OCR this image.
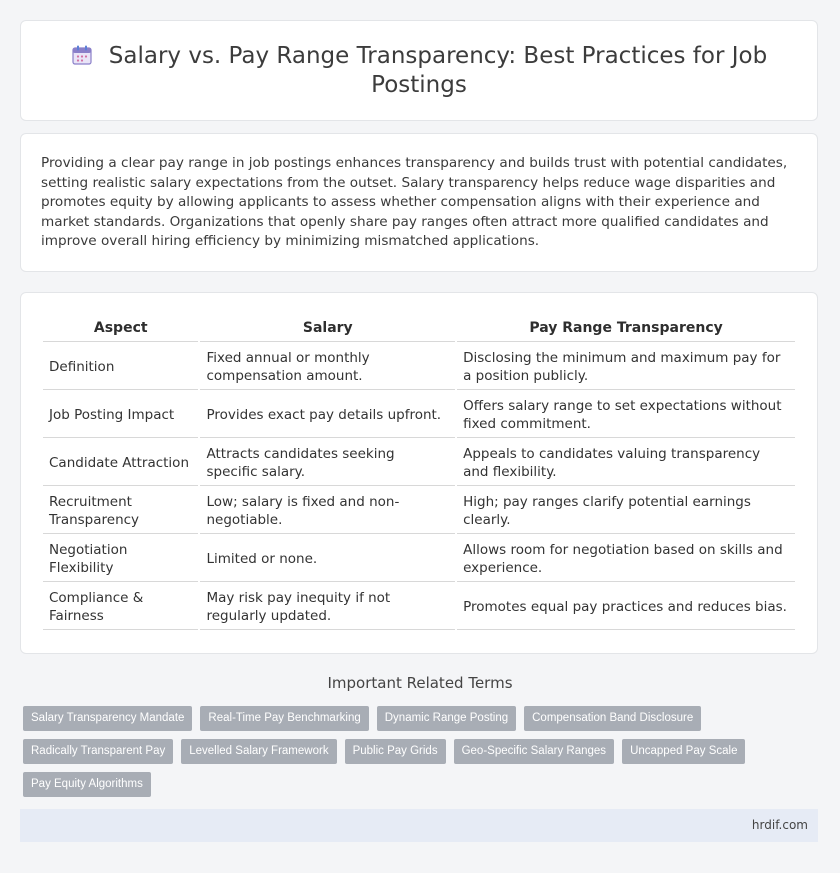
Salary vs. Pay Range Transparency: Best Practices for Job Postings

Providing a clear pay range in job postings enhances transparency and builds trust with potential candidates, setting realistic salary expectations from the outset. Salary transparency helps reduce wage disparities and promotes equity by allowing applicants to assess whether compensation aligns with their experience and market standards. Organizations that openly share pay ranges often attract more qualified candidates and improve overall hiring efficiency by minimizing mismatched applications.

Aspect	Salary	Pay Range Transparency
Definition	Fixed annual or monthly compensation amount.	Disclosing the minimum and maximum pay for a position publicly.
Job Posting Impact	Provides exact pay details upfront.	Offers salary range to set expectations without fixed commitment.
Candidate Attraction	Attracts candidates seeking specific salary.	Appeals to candidates valuing transparency and flexibility.
Recruitment Transparency	Low; salary is fixed and non-negotiable.	High; pay ranges clarify potential earnings clearly.
Negotiation Flexibility	Limited or none.	Allows room for negotiation based on skills and experience.
Compliance & Fairness	May risk pay inequity if not regularly updated.	Promotes equal pay practices and reduces bias.
Important Related Terms
Salary Transparency Mandate	Real-Time Pay Benchmarking	Dynamic Range Posting	Compensation Band Disclosure
Radically Transparent Pay	Levelled Salary Framework	Public Pay Grids	Geo-Specific Salary Ranges	Uncapped Pay Scale
Pay Equity Algorithms
hrdif.com
